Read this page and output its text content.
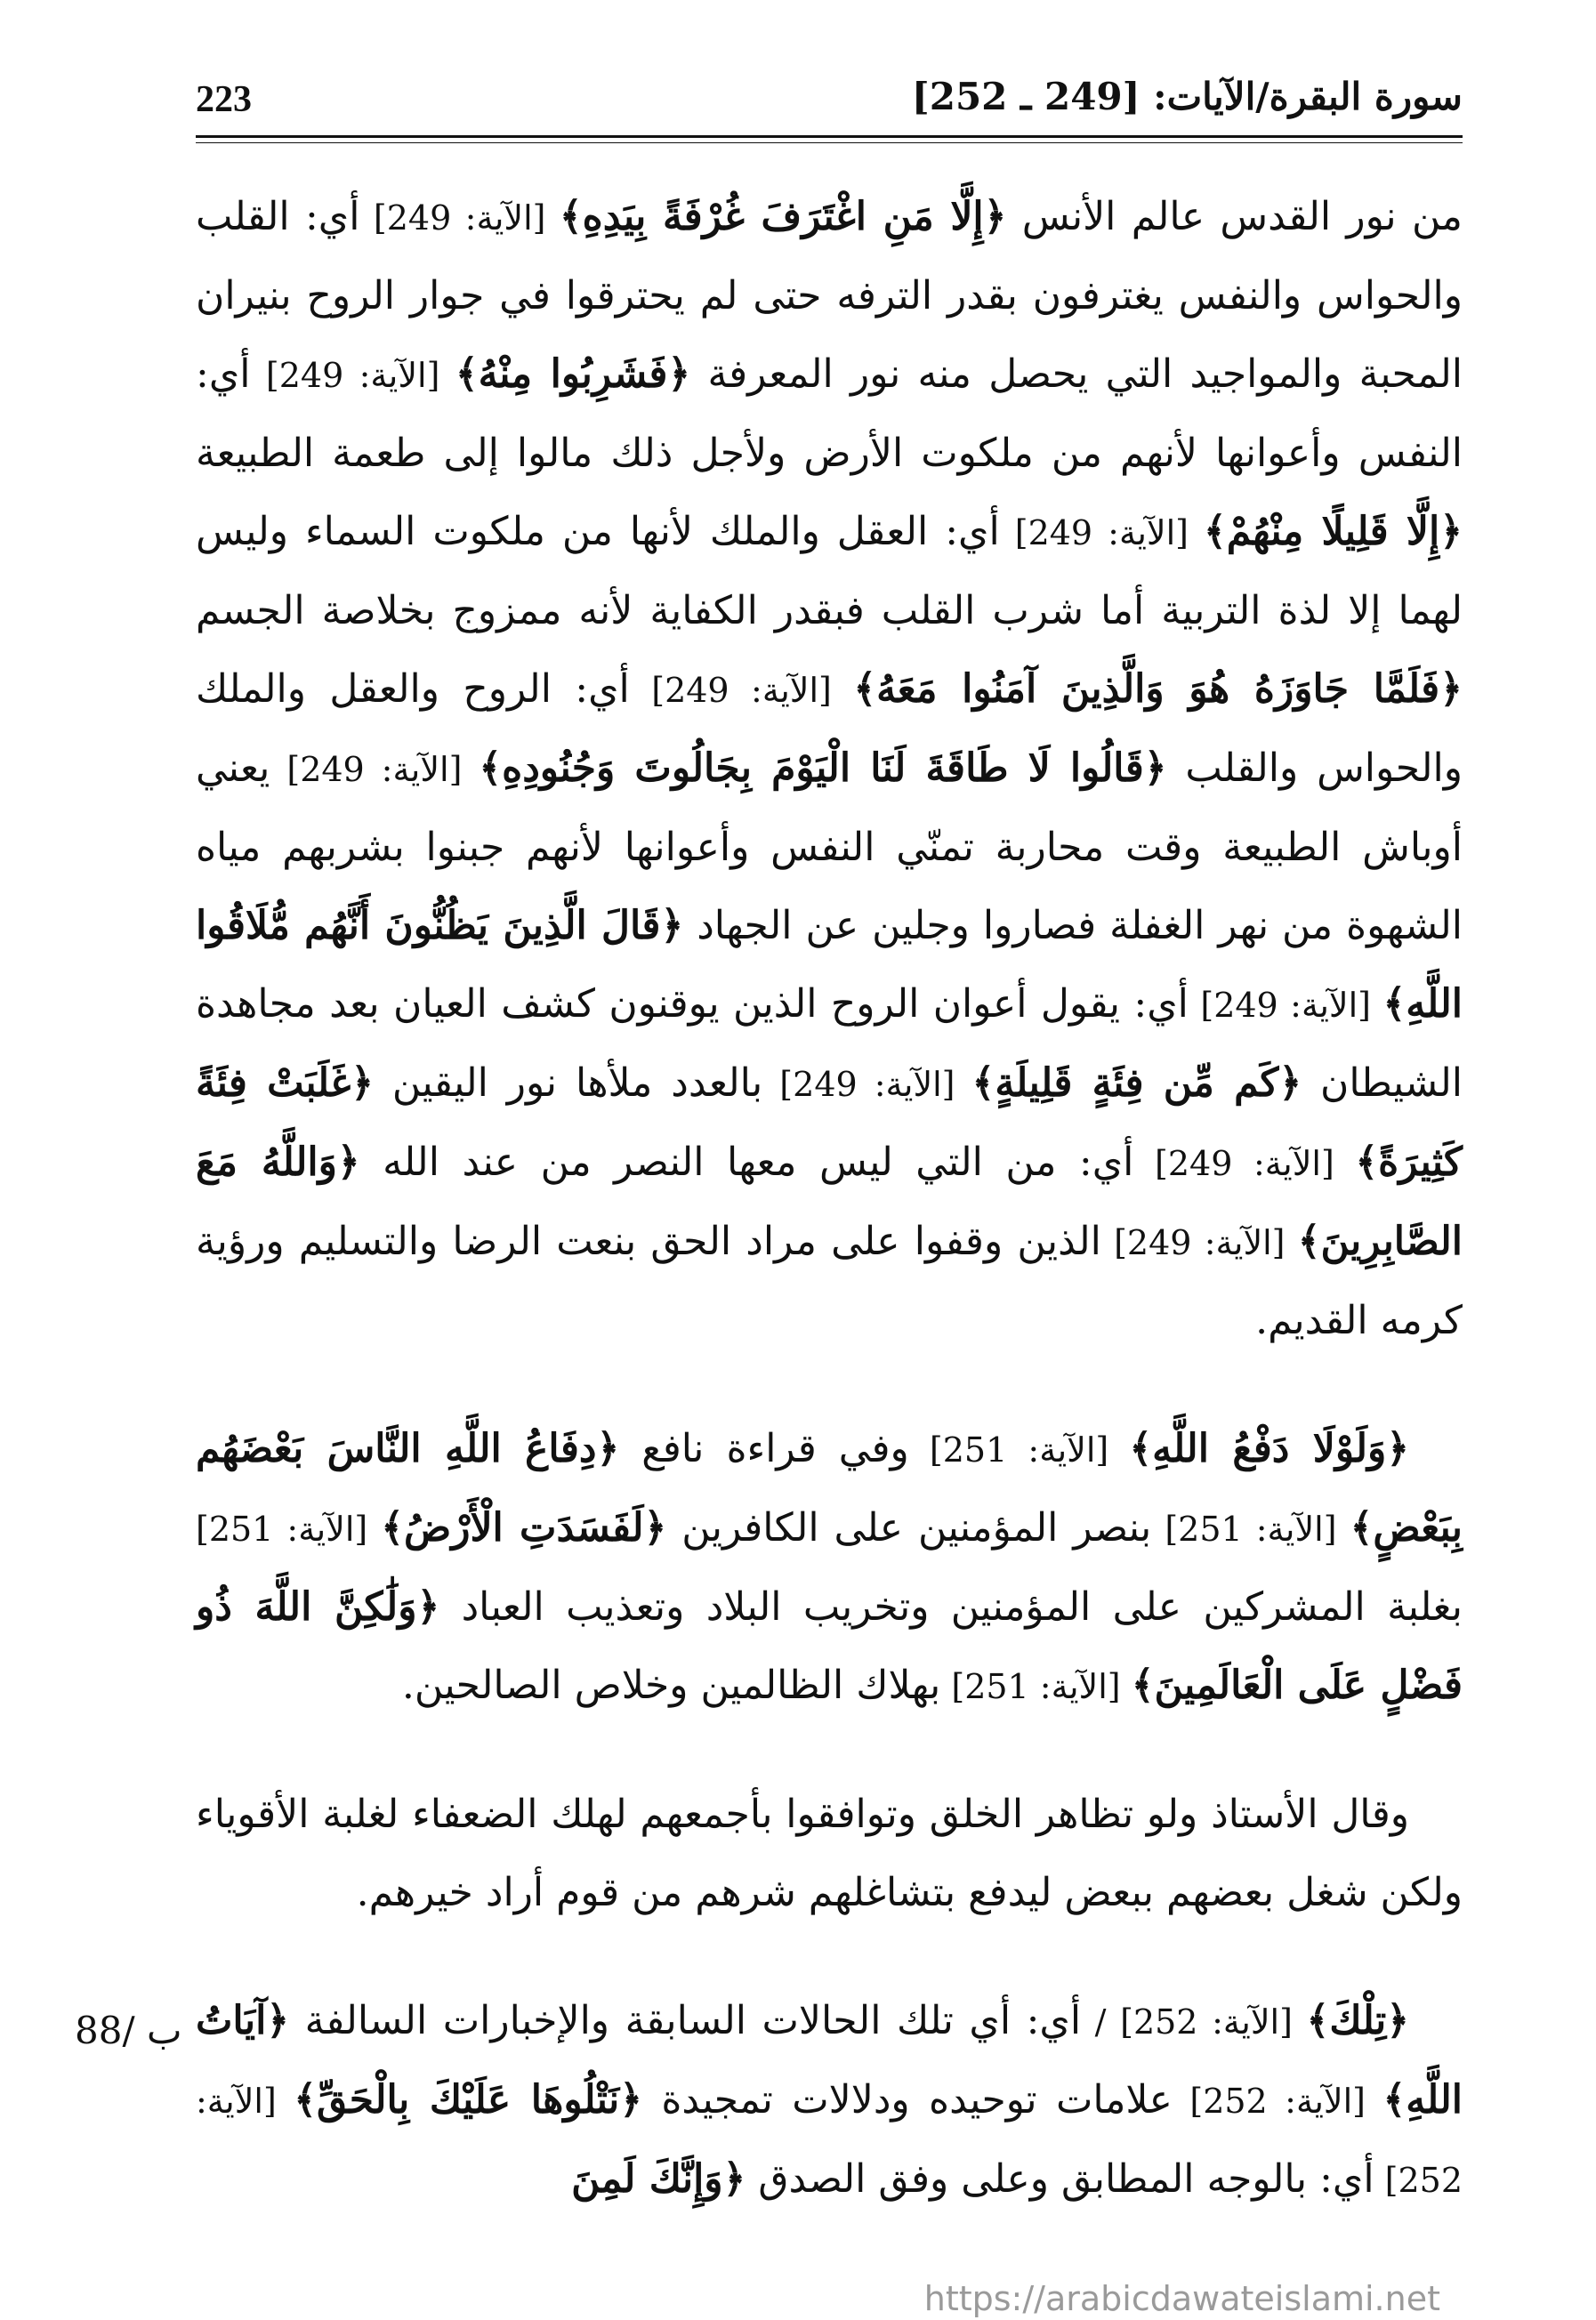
223	سورة البقرة/الآيات: [249 ـ 252]

من نور القدس عالم الأنس ﴿إِلَّا مَنِ اغْتَرَفَ غُرْفَةً بِيَدِهِ﴾ [الآية: 249] أي: القلب والحواس والنفس يغترفون بقدر الترفه حتى لم يحترقوا في جوار الروح بنيران المحبة والمواجيد التي يحصل منه نور المعرفة ﴿فَشَرِبُوا مِنْهُ﴾ [الآية: 249] أي: النفس وأعوانها لأنهم من ملكوت الأرض ولأجل ذلك مالوا إلى طعمة الطبيعة ﴿إِلَّا قَلِيلًا مِنْهُمْ﴾ [الآية: 249] أي: العقل والملك لأنها من ملكوت السماء وليس لهما إلا لذة التربية أما شرب القلب فبقدر الكفاية لأنه ممزوج بخلاصة الجسم ﴿فَلَمَّا جَاوَزَهُ هُوَ وَالَّذِينَ آمَنُوا مَعَهُ﴾ [الآية: 249] أي: الروح والعقل والملك والحواس والقلب ﴿قَالُوا لَا طَاقَةَ لَنَا الْيَوْمَ بِجَالُوتَ وَجُنُودِهِ﴾ [الآية: 249] يعني أوباش الطبيعة وقت محاربة تمنّي النفس وأعوانها لأنهم جبنوا بشربهم مياه الشهوة من نهر الغفلة فصاروا وجلين عن الجهاد ﴿قَالَ الَّذِينَ يَظُنُّونَ أَنَّهُم مُّلَاقُوا اللَّهِ﴾ [الآية: 249] أي: يقول أعوان الروح الذين يوقنون كشف العيان بعد مجاهدة الشيطان ﴿كَم مِّن فِئَةٍ قَلِيلَةٍ﴾ [الآية: 249] بالعدد ملأها نور اليقين ﴿غَلَبَتْ فِئَةً كَثِيرَةً﴾ [الآية: 249] أي: من التي ليس معها النصر من عند الله ﴿وَاللَّهُ مَعَ الصَّابِرِينَ﴾ [الآية: 249] الذين وقفوا على مراد الحق بنعت الرضا والتسليم ورؤية كرمه القديم.

﴿وَلَوْلَا دَفْعُ اللَّهِ﴾ [الآية: 251] وفي قراءة نافع ﴿دِفَاعُ اللَّهِ النَّاسَ بَعْضَهُم بِبَعْضٍ﴾ [الآية: 251] بنصر المؤمنين على الكافرين ﴿لَفَسَدَتِ الْأَرْضُ﴾ [الآية: 251] بغلبة المشركين على المؤمنين وتخريب البلاد وتعذيب العباد ﴿وَلَٰكِنَّ اللَّهَ ذُو فَضْلٍ عَلَى الْعَالَمِينَ﴾ [الآية: 251] بهلاك الظالمين وخلاص الصالحين.

وقال الأستاذ ولو تظاهر الخلق وتوافقوا بأجمعهم لهلك الضعفاء لغلبة الأقوياء ولكن شغل بعضهم ببعض ليدفع بتشاغلهم شرهم من قوم أراد خيرهم.

﴿تِلْكَ﴾ [الآية: 252] / أي: أي تلك الحالات السابقة والإخبارات السالفة ﴿آيَاتُ اللَّهِ﴾ [الآية: 252] علامات توحيده ودلالات تمجيدة ﴿نَتْلُوهَا عَلَيْكَ بِالْحَقِّ﴾ [الآية: 252] أي: بالوجه المطابق وعلى وفق الصدق ﴿وَإِنَّكَ لَمِنَ

88/ ب
https://arabicdawateislami.net
